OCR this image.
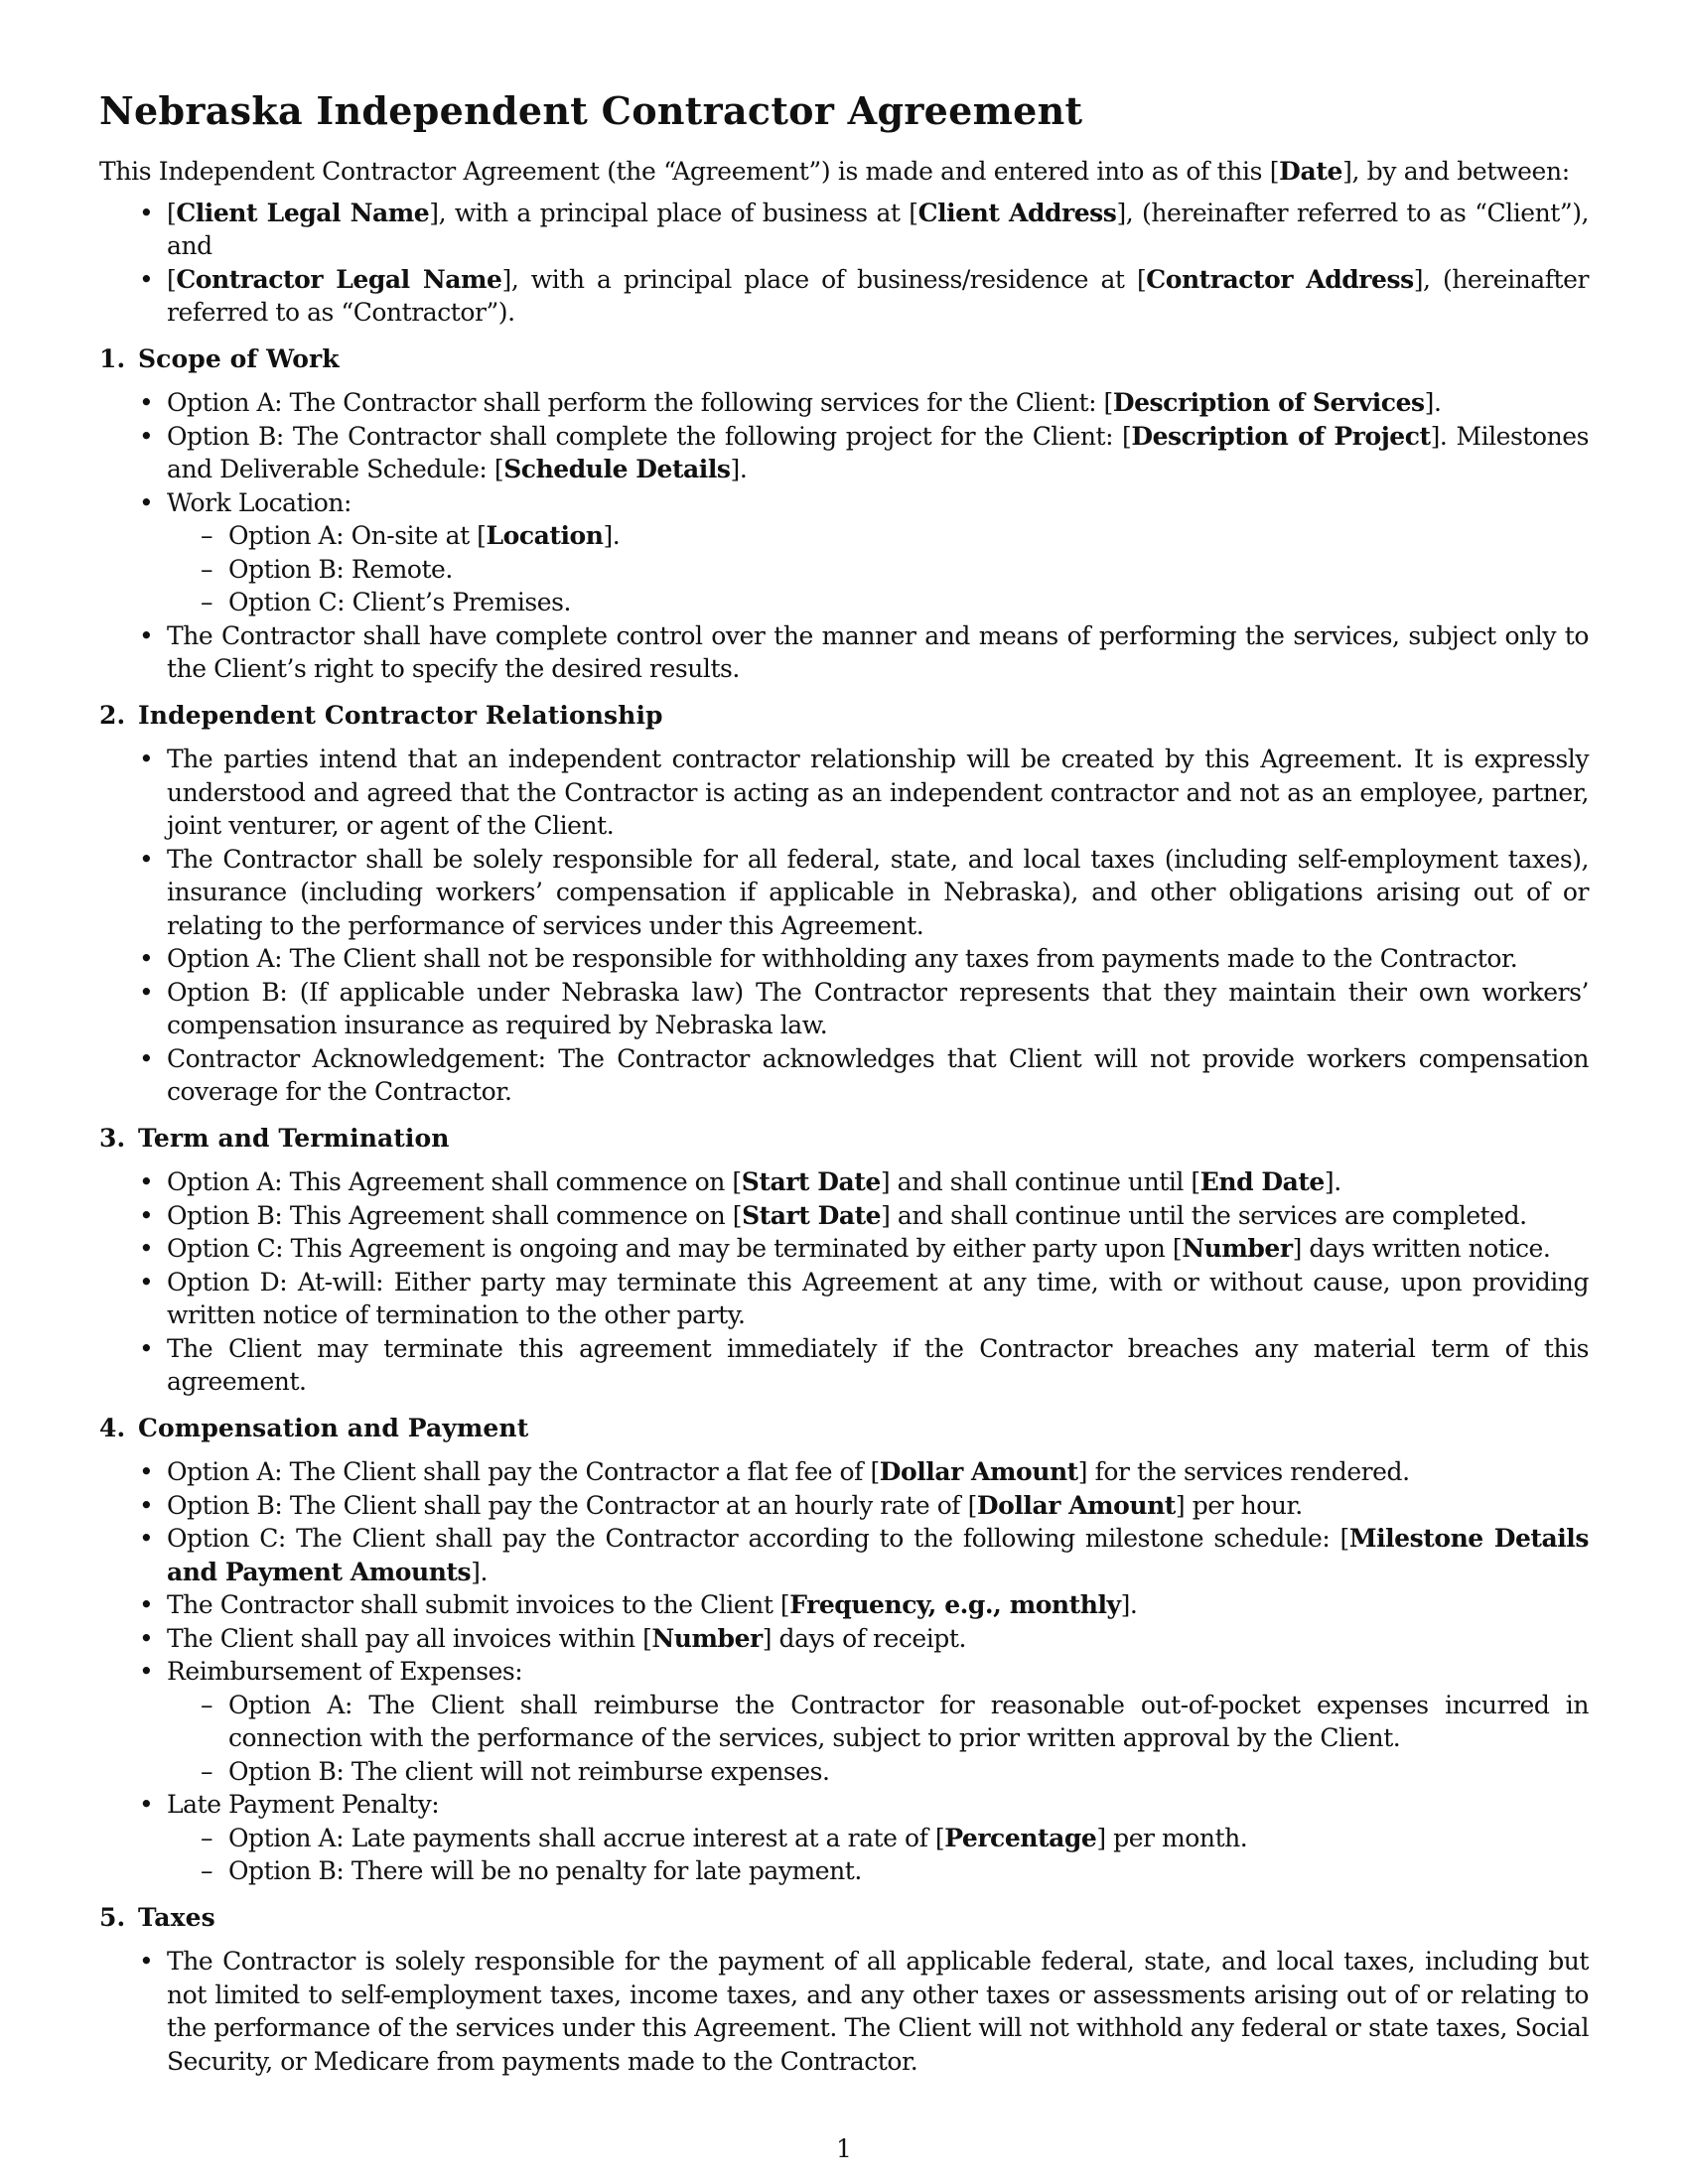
Nebraska Independent Contractor Agreement

This Independent Contractor Agreement (the “Agreement”) is made and entered into as of this [Date], by and between:

• [Client Legal Name], with a principal place of business at [Client Address], (hereinafter referred to as “Client”), and
• [Contractor Legal Name], with a principal place of business/residence at [Contractor Address], (hereinafter referred to as “Contractor”).
1. Scope of Work
• Option A: The Contractor shall perform the following services for the Client: [Description of Services].
• Option B: The Contractor shall complete the following project for the Client: [Description of Project]. Milestones and Deliverable Schedule: [Schedule Details].
• Work Location:
– Option A: On-site at [Location].
– Option B: Remote.
– Option C: Client’s Premises.
• The Contractor shall have complete control over the manner and means of performing the services, subject only to the Client’s right to specify the desired results.
2. Independent Contractor Relationship
• The parties intend that an independent contractor relationship will be created by this Agreement. It is expressly understood and agreed that the Contractor is acting as an independent contractor and not as an employee, partner, joint venturer, or agent of the Client.
• The Contractor shall be solely responsible for all federal, state, and local taxes (including self-employment taxes), insurance (including workers’ compensation if applicable in Nebraska), and other obligations arising out of or relating to the performance of services under this Agreement.
• Option A: The Client shall not be responsible for withholding any taxes from payments made to the Contractor.
• Option B: (If applicable under Nebraska law) The Contractor represents that they maintain their own workers’ compensation insurance as required by Nebraska law.
• Contractor Acknowledgement: The Contractor acknowledges that Client will not provide workers compensation coverage for the Contractor.
3. Term and Termination
• Option A: This Agreement shall commence on [Start Date] and shall continue until [End Date].
• Option B: This Agreement shall commence on [Start Date] and shall continue until the services are completed.
• Option C: This Agreement is ongoing and may be terminated by either party upon [Number] days written notice.
• Option D: At-will: Either party may terminate this Agreement at any time, with or without cause, upon providing written notice of termination to the other party.
• The Client may terminate this agreement immediately if the Contractor breaches any material term of this agreement.
4. Compensation and Payment
• Option A: The Client shall pay the Contractor a flat fee of [Dollar Amount] for the services rendered.
• Option B: The Client shall pay the Contractor at an hourly rate of [Dollar Amount] per hour.
• Option C: The Client shall pay the Contractor according to the following milestone schedule: [Milestone Details and Payment Amounts].
• The Contractor shall submit invoices to the Client [Frequency, e.g., monthly].
• The Client shall pay all invoices within [Number] days of receipt.
• Reimbursement of Expenses:
– Option A: The Client shall reimburse the Contractor for reasonable out-of-pocket expenses incurred in connection with the performance of the services, subject to prior written approval by the Client.
– Option B: The client will not reimburse expenses.
• Late Payment Penalty:
– Option A: Late payments shall accrue interest at a rate of [Percentage] per month.
– Option B: There will be no penalty for late payment.
5. Taxes
• The Contractor is solely responsible for the payment of all applicable federal, state, and local taxes, including but not limited to self-employment taxes, income taxes, and any other taxes or assessments arising out of or relating to the performance of the services under this Agreement. The Client will not withhold any federal or state taxes, Social Security, or Medicare from payments made to the Contractor.
1
